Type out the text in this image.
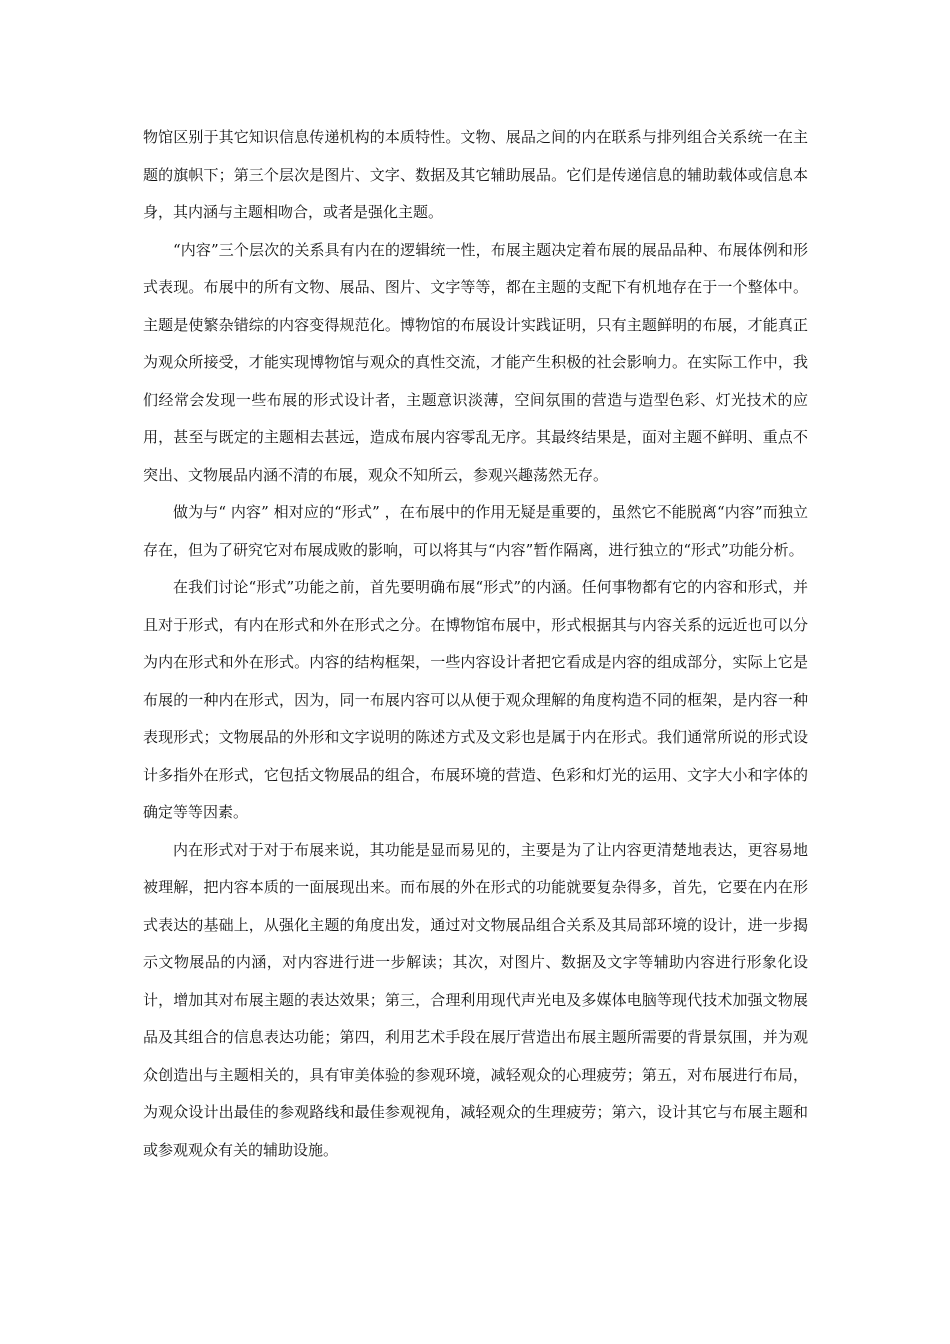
物馆区别于其它知识信息传递机构的本质特性。文物、展品之间的内在联系与排列组合关系统一在主题的旗帜下；第三个层次是图片、文字、数据及其它辅助展品。它们是传递信息的辅助载体或信息本身，其内涵与主题相吻合，或者是强化主题。

“内容”三个层次的关系具有内在的逻辑统一性，布展主题决定着布展的展品品种、布展体例和形式表现。布展中的所有文物、展品、图片、文字等等，都在主题的支配下有机地存在于一个整体中。主题是使繁杂错综的内容变得规范化。博物馆的布展设计实践证明，只有主题鲜明的布展，才能真正为观众所接受，才能实现博物馆与观众的真性交流，才能产生积极的社会影响力。在实际工作中，我们经常会发现一些布展的形式设计者，主题意识淡薄，空间氛围的营造与造型色彩、灯光技术的应用，甚至与既定的主题相去甚远，造成布展内容零乱无序。其最终结果是，面对主题不鲜明、重点不突出、文物展品内涵不清的布展，观众不知所云，参观兴趣荡然无存。

做为与“ 内容” 相对应的“形式” ，在布展中的作用无疑是重要的，虽然它不能脱离“内容”而独立存在，但为了研究它对布展成败的影响，可以将其与“内容”暂作隔离，进行独立的“形式”功能分析。

在我们讨论“形式”功能之前，首先要明确布展“形式”的内涵。任何事物都有它的内容和形式，并且对于形式，有内在形式和外在形式之分。在博物馆布展中，形式根据其与内容关系的远近也可以分为内在形式和外在形式。内容的结构框架，一些内容设计者把它看成是内容的组成部分，实际上它是布展的一种内在形式，因为，同一布展内容可以从便于观众理解的角度构造不同的框架，是内容一种表现形式；文物展品的外形和文字说明的陈述方式及文彩也是属于内在形式。我们通常所说的形式设计多指外在形式，它包括文物展品的组合，布展环境的营造、色彩和灯光的运用、文字大小和字体的确定等等因素。

内在形式对于对于布展来说，其功能是显而易见的，主要是为了让内容更清楚地表达，更容易地被理解，把内容本质的一面展现出来。而布展的外在形式的功能就要复杂得多，首先，它要在内在形式表达的基础上，从强化主题的角度出发，通过对文物展品组合关系及其局部环境的设计，进一步揭示文物展品的内涵，对内容进行进一步解读；其次，对图片、数据及文字等辅助内容进行形象化设计，增加其对布展主题的表达效果；第三，合理利用现代声光电及多媒体电脑等现代技术加强文物展品及其组合的信息表达功能；第四，利用艺术手段在展厅营造出布展主题所需要的背景氛围，并为观众创造出与主题相关的，具有审美体验的参观环境，减轻观众的心理疲劳；第五，对布展进行布局，为观众设计出最佳的参观路线和最佳参观视角，减轻观众的生理疲劳；第六，设计其它与布展主题和或参观观众有关的辅助设施。
